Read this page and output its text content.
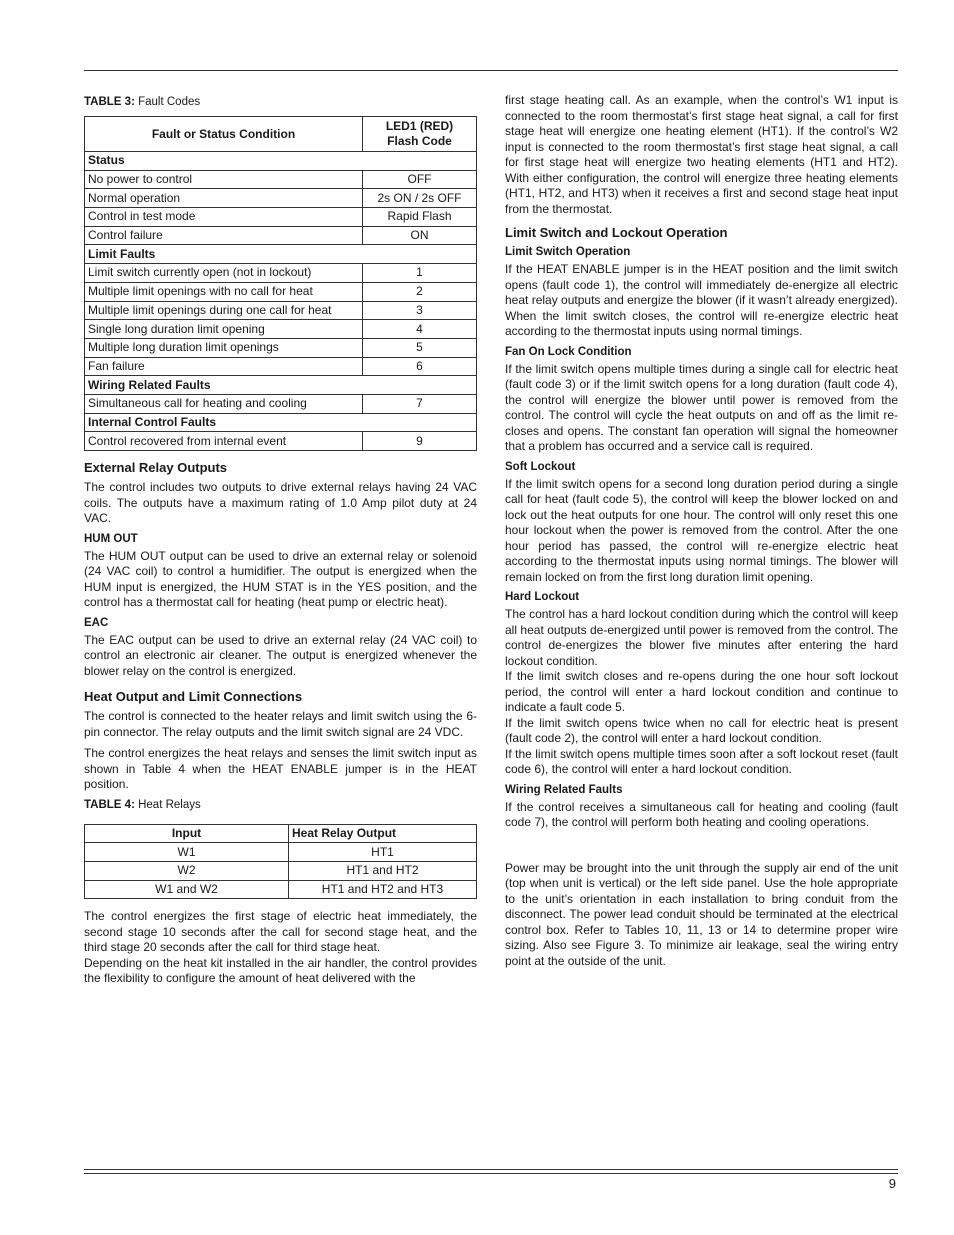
TABLE 3: Fault Codes
Fault or Status Condition	LED1 (RED)
Flash Code
Status	
No power to control	OFF
Normal operation	2s ON / 2s OFF
Control in test mode	Rapid Flash
Control failure	ON
Limit Faults	
Limit switch currently open (not in lockout)	1
Multiple limit openings with no call for heat	2
Multiple limit openings during one call for heat	3
Single long duration limit opening	4
Multiple long duration limit openings	5
Fan failure	6
Wiring Related Faults	
Simultaneous call for heating and cooling	7
Internal Control Faults	
Control recovered from internal event	9
External Relay Outputs

The control includes two outputs to drive external relays having 24 VAC coils. The outputs have a maximum rating of 1.0 Amp pilot duty at 24 VAC.

HUM OUT

The HUM OUT output can be used to drive an external relay or solenoid (24 VAC coil) to control a humidifier. The output is energized when the HUM input is energized, the HUM STAT is in the YES position, and the control has a thermostat call for heating (heat pump or electric heat).

EAC

The EAC output can be used to drive an external relay (24 VAC coil) to control an electronic air cleaner. The output is energized whenever the blower relay on the control is energized.

Heat Output and Limit Connections

The control is connected to the heater relays and limit switch using the 6-pin connector. The relay outputs and the limit switch signal are 24 VDC.

The control energizes the heat relays and senses the limit switch input as shown in Table 4 when the HEAT ENABLE jumper is in the HEAT position.

TABLE 4: Heat Relays
Input	Heat Relay Output
W1	HT1
W2	HT1 and HT2
W1 and W2	HT1 and HT2 and HT3

The control energizes the first stage of electric heat immediately, the second stage 10 seconds after the call for second stage heat, and the third stage 20 seconds after the call for third stage heat.

Depending on the heat kit installed in the air handler, the control provides the flexibility to configure the amount of heat delivered with the

first stage heating call. As an example, when the control’s W1 input is connected to the room thermostat’s first stage heat signal, a call for first stage heat will energize one heating element (HT1). If the control’s W2 input is connected to the room thermostat’s first stage heat signal, a call for first stage heat will energize two heating elements (HT1 and HT2). With either configuration, the control will energize three heating elements (HT1, HT2, and HT3) when it receives a first and second stage heat input from the thermostat.

Limit Switch and Lockout Operation
Limit Switch Operation

If the HEAT ENABLE jumper is in the HEAT position and the limit switch opens (fault code 1), the control will immediately de-energize all electric heat relay outputs and energize the blower (if it wasn’t already energized). When the limit switch closes, the control will re-energize electric heat according to the thermostat inputs using normal timings.

Fan On Lock Condition

If the limit switch opens multiple times during a single call for electric heat (fault code 3) or if the limit switch opens for a long duration (fault code 4), the control will energize the blower until power is removed from the control. The control will cycle the heat outputs on and off as the limit re-closes and opens. The constant fan operation will signal the homeowner that a problem has occurred and a service call is required.

Soft Lockout

If the limit switch opens for a second long duration period during a single call for heat (fault code 5), the control will keep the blower locked on and lock out the heat outputs for one hour. The control will only reset this one hour lockout when the power is removed from the control. After the one hour period has passed, the control will re-energize electric heat according to the thermostat inputs using normal timings. The blower will remain locked on from the first long duration limit opening.

Hard Lockout

The control has a hard lockout condition during which the control will keep all heat outputs de-energized until power is removed from the control. The control de-energizes the blower five minutes after entering the hard lockout condition.

If the limit switch closes and re-opens during the one hour soft lockout period, the control will enter a hard lockout condition and continue to indicate a fault code 5.

If the limit switch opens twice when no call for electric heat is present (fault code 2), the control will enter a hard lockout condition.

If the limit switch opens multiple times soon after a soft lockout reset (fault code 6), the control will enter a hard lockout condition.

Wiring Related Faults

If the control receives a simultaneous call for heating and cooling (fault code 7), the control will perform both heating and cooling operations.

Power may be brought into the unit through the supply air end of the unit (top when unit is vertical) or the left side panel. Use the hole appropriate to the unit’s orientation in each installation to bring conduit from the disconnect. The power lead conduit should be terminated at the electrical control box. Refer to Tables 10, 11, 13 or 14 to determine proper wire sizing. Also see Figure 3. To minimize air leakage, seal the wiring entry point at the outside of the unit.

9
